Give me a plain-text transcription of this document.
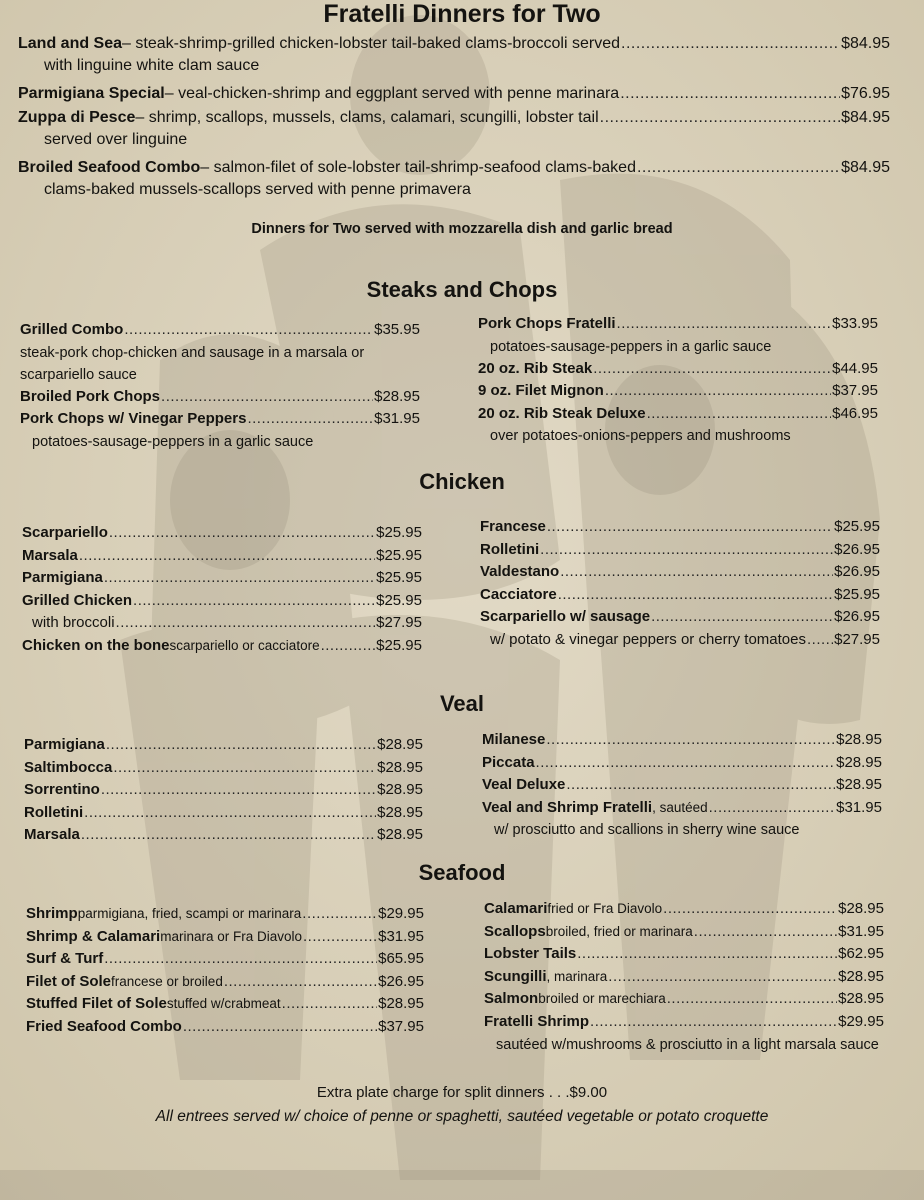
Fratelli Dinners for Two
Land and Sea – steak-shrimp-grilled chicken-lobster tail-baked clams-broccoli served .....	$84.95
with linguine white clam sauce
Parmigiana Special – veal-chicken-shrimp and eggplant served with penne marinara .....	$76.95
Zuppa di Pesce – shrimp, scallops, mussels, clams, calamari, scungilli, lobster tail .....	$84.95
served over linguine
Broiled Seafood Combo – salmon-filet of sole-lobster tail-shrimp-seafood clams-baked .....	$84.95
clams-baked mussels-scallops served with penne primavera
Dinners for Two served with mozzarella dish and garlic bread
Steaks and Chops
Grilled Combo .....	$35.95
steak-pork chop-chicken and sausage in a marsala or
scarpariello sauce
Broiled Pork Chops .....	$28.95
Pork Chops w/ Vinegar Peppers .....	$31.95
potatoes-sausage-peppers in a garlic sauce
Pork Chops Fratelli .....	$33.95
potatoes-sausage-peppers in a garlic sauce
20 oz. Rib Steak .....	$44.95
9 oz. Filet Mignon .....	$37.95
20 oz. Rib Steak Deluxe .....	$46.95
over potatoes-onions-peppers and mushrooms
Chicken
Scarpariello .....	$25.95
Marsala .....	$25.95
Parmigiana .....	$25.95
Grilled Chicken .....	$25.95
with broccoli .....	$27.95
Chicken on the bone scarpariello or cacciatore .....	$25.95
Francese .....	$25.95
Rolletini .....	$26.95
Valdestano .....	$26.95
Cacciatore .....	$25.95
Scarpariello w/ sausage .....	$26.95
w/ potato & vinegar peppers or cherry tomatoes ..... $27.95
Veal
Parmigiana .....	$28.95
Saltimbocca .....	$28.95
Sorrentino .....	$28.95
Rolletini .....	$28.95
Marsala .....	$28.95
Milanese .....	$28.95
Piccata .....	$28.95
Veal Deluxe .....	$28.95
Veal and Shrimp Fratelli , sautéed .....	$31.95
w/ prosciutto and scallions in sherry wine sauce
Seafood
Shrimp parmigiana, fried, scampi or marinara .....	$29.95
Shrimp & Calamari marinara or Fra Diavolo .....	$31.95
Surf & Turf .....	$65.95
Filet of Sole francese or broiled .....	$26.95
Stuffed Filet of Sole stuffed w/crabmeat .....	$28.95
Fried Seafood Combo .....	$37.95
Calamari fried or Fra Diavolo .....	$28.95
Scallops broiled, fried or marinara .....	$31.95
Lobster Tails .....	$62.95
Scungilli , marinara .....	$28.95
Salmon broiled or marechiara .....	$28.95
Fratelli Shrimp .....	$29.95
sautéed w/mushrooms & prosciutto in a light marsala sauce
Extra plate charge for split dinners . . .$9.00
All entrees served w/ choice of penne or spaghetti, sautéed vegetable or potato croquette
